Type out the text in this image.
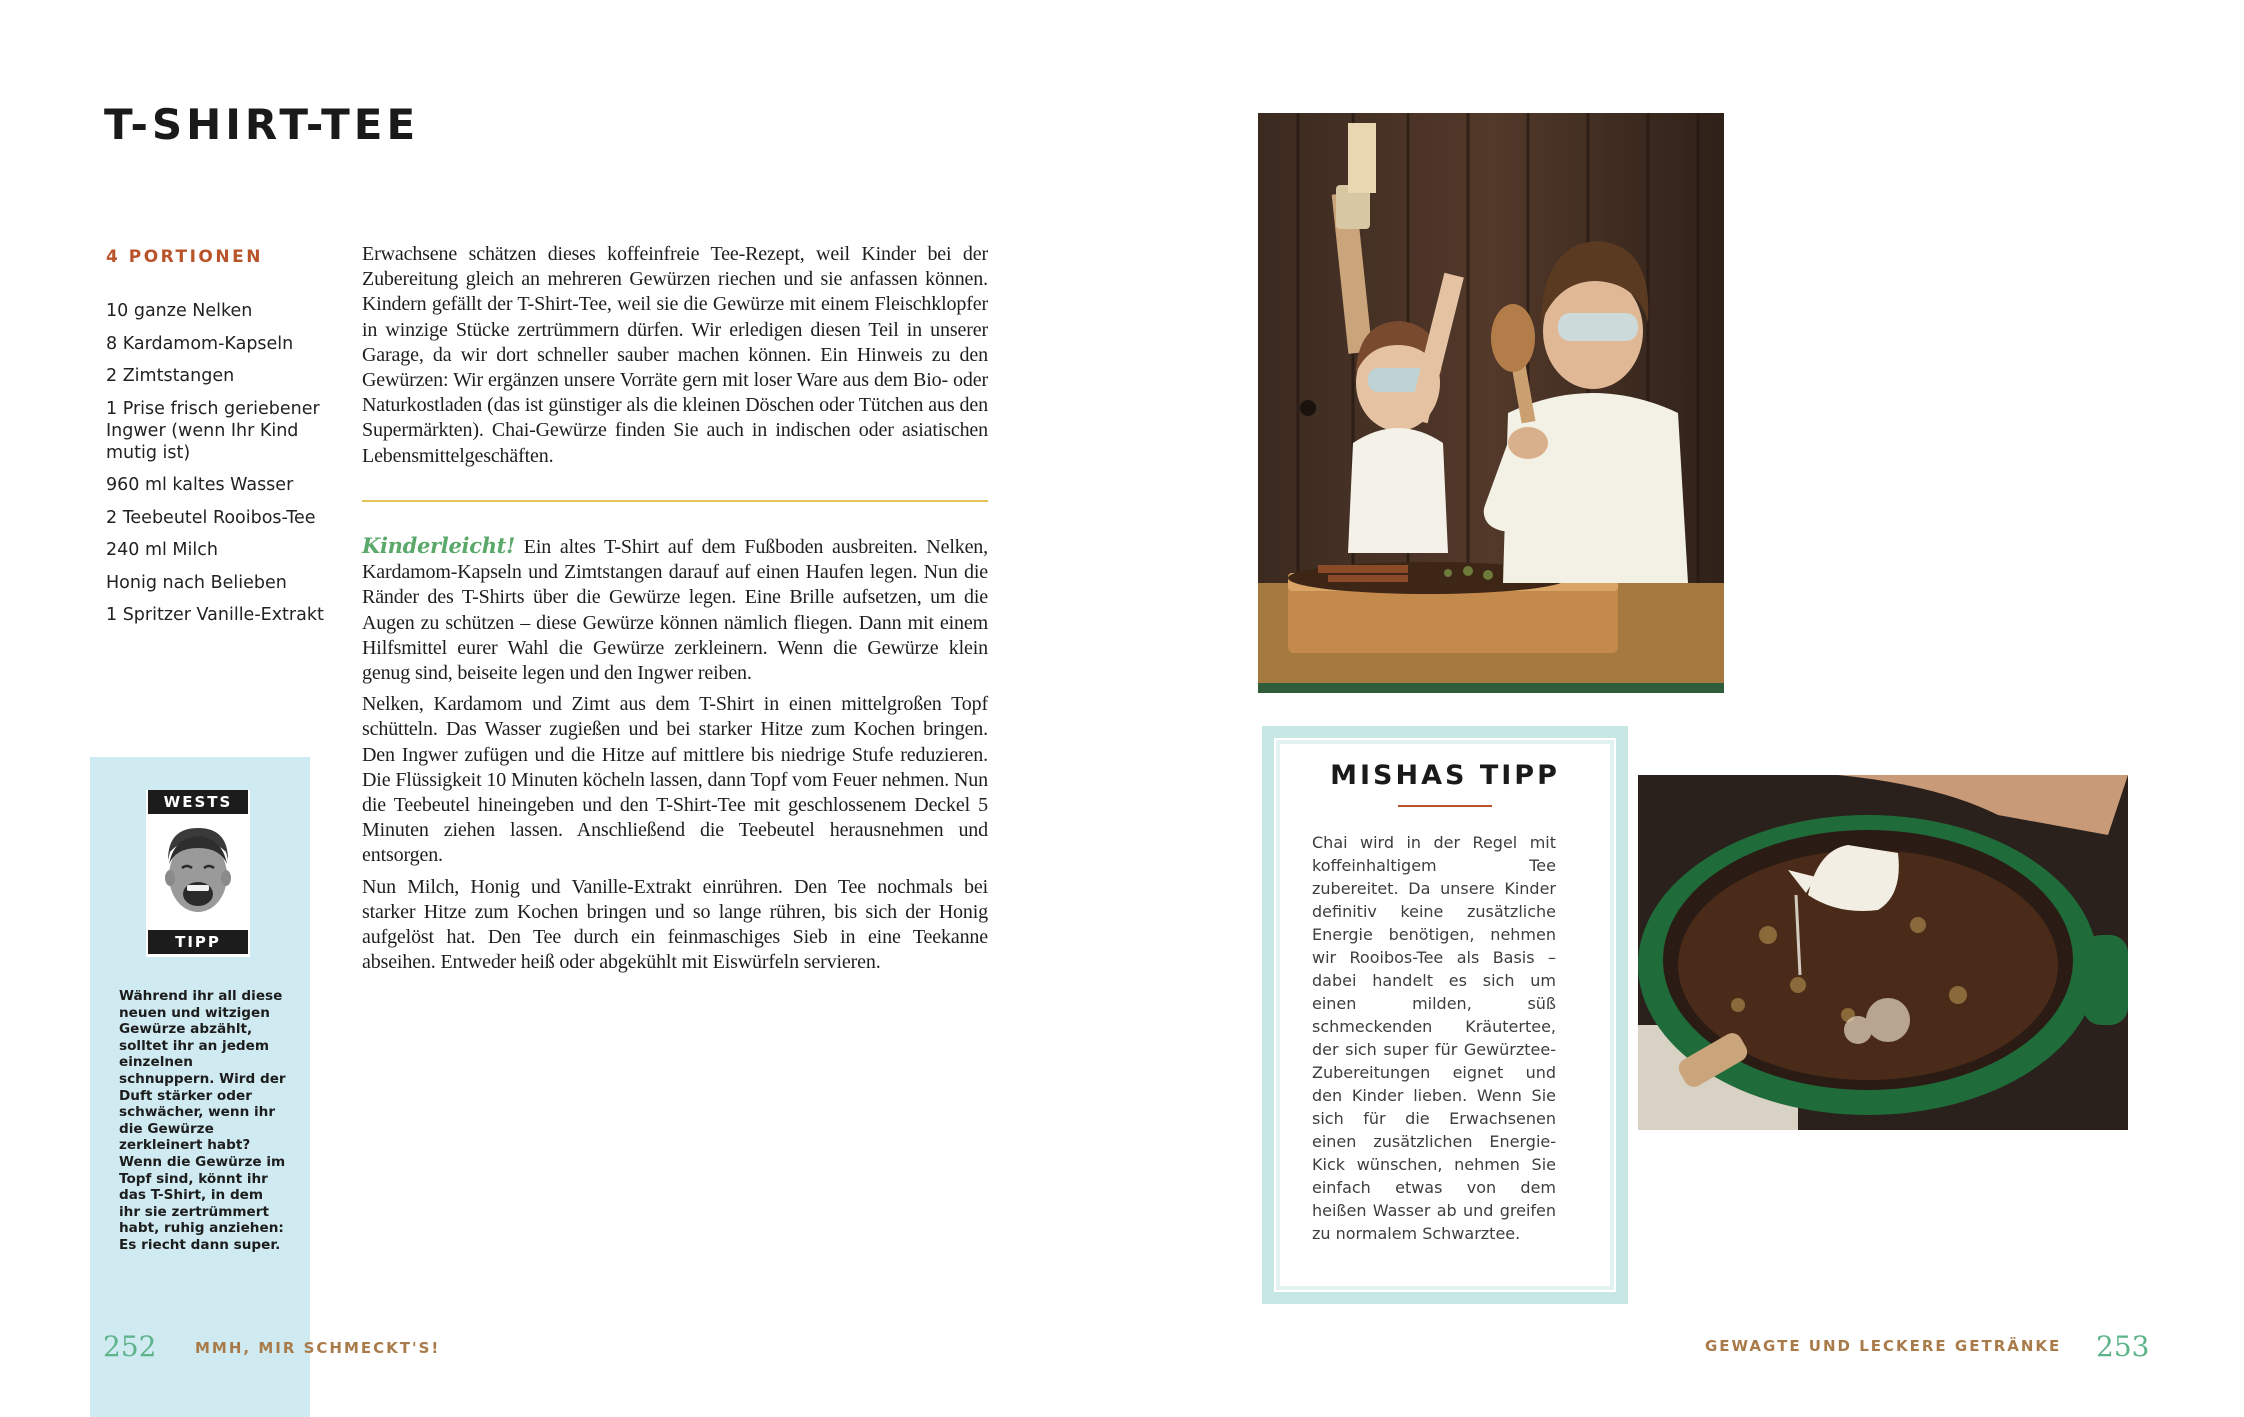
T-SHIRT-TEE
4 PORTIONEN
10 ganze Nelken
8 Kardamom-Kapseln
2 Zimtstangen
1 Prise frisch geriebener Ingwer (wenn Ihr Kind mutig ist)
960 ml kaltes Wasser
2 Teebeutel Rooibos-Tee
240 ml Milch
Honig nach Belieben
1 Spritzer Vanille-Extrakt

Erwachsene schätzen dieses koffeinfreie Tee-Rezept, weil Kinder bei der Zubereitung gleich an mehreren Gewürzen riechen und sie anfassen können. Kindern gefällt der T-Shirt-Tee, weil sie die Gewürze mit einem Fleischklopfer in winzige Stücke zertrümmern dürfen. Wir erledigen diesen Teil in unserer Garage, da wir dort schneller sauber machen können. Ein Hinweis zu den Gewürzen: Wir ergänzen unsere Vorräte gern mit loser Ware aus dem Bio- oder Naturkostladen (das ist günstiger als die kleinen Döschen oder Tütchen aus den Supermärkten). Chai-Gewürze finden Sie auch in indischen oder asiatischen Lebensmittelgeschäften.

Kinderleicht! Ein altes T-Shirt auf dem Fußboden ausbreiten. Nelken, Kardamom-Kapseln und Zimtstangen darauf auf einen Haufen legen. Nun die Ränder des T-Shirts über die Gewürze legen. Eine Brille aufsetzen, um die Augen zu schützen – diese Gewürze können nämlich fliegen. Dann mit einem Hilfsmittel eurer Wahl die Gewürze zerkleinern. Wenn die Gewürze klein genug sind, beiseite legen und den Ingwer reiben.

Nelken, Kardamom und Zimt aus dem T-Shirt in einen mittelgroßen Topf schütteln. Das Wasser zugießen und bei starker Hitze zum Kochen bringen. Den Ingwer zufügen und die Hitze auf mittlere bis niedrige Stufe reduzieren. Die Flüssigkeit 10 Minuten köcheln lassen, dann Topf vom Feuer nehmen. Nun die Teebeutel hineingeben und den T-Shirt-Tee mit geschlossenem Deckel 5 Minuten ziehen lassen. Anschließend die Teebeutel herausnehmen und entsorgen.

Nun Milch, Honig und Vanille-Extrakt einrühren. Den Tee nochmals bei starker Hitze zum Kochen bringen und so lange rühren, bis sich der Honig aufgelöst hat. Den Tee durch ein feinmaschiges Sieb in eine Teekanne abseihen. Entweder heiß oder abgekühlt mit Eiswürfeln servieren.

WESTS
TIPP
Während ihr all diese neuen und witzigen Gewürze abzählt, solltet ihr an jedem einzelnen schnuppern. Wird der Duft stärker oder schwächer, wenn ihr die Gewürze zerkleinert habt? Wenn die Gewürze im Topf sind, könnt ihr das T-Shirt, in dem ihr sie zertrümmert habt, ruhig anziehen: Es riecht dann super.
252	MMH, MIR SCHMECKT'S!
MISHAS TIPP
Chai wird in der Regel mit koffeinhaltigem Tee zubereitet. Da unsere Kinder definitiv keine zusätzliche Energie benötigen, nehmen wir Rooibos-Tee als Basis – dabei handelt es sich um einen milden, süß schmeckenden Kräutertee, der sich super für Gewürztee-Zubereitungen eignet und den Kinder lieben. Wenn Sie sich für die Erwachsenen einen zusätzlichen Energie-Kick wünschen, nehmen Sie einfach etwas von dem heißen Wasser ab und greifen zu normalem Schwarztee.
253
GEWAGTE UND LECKERE GETRÄNKE
